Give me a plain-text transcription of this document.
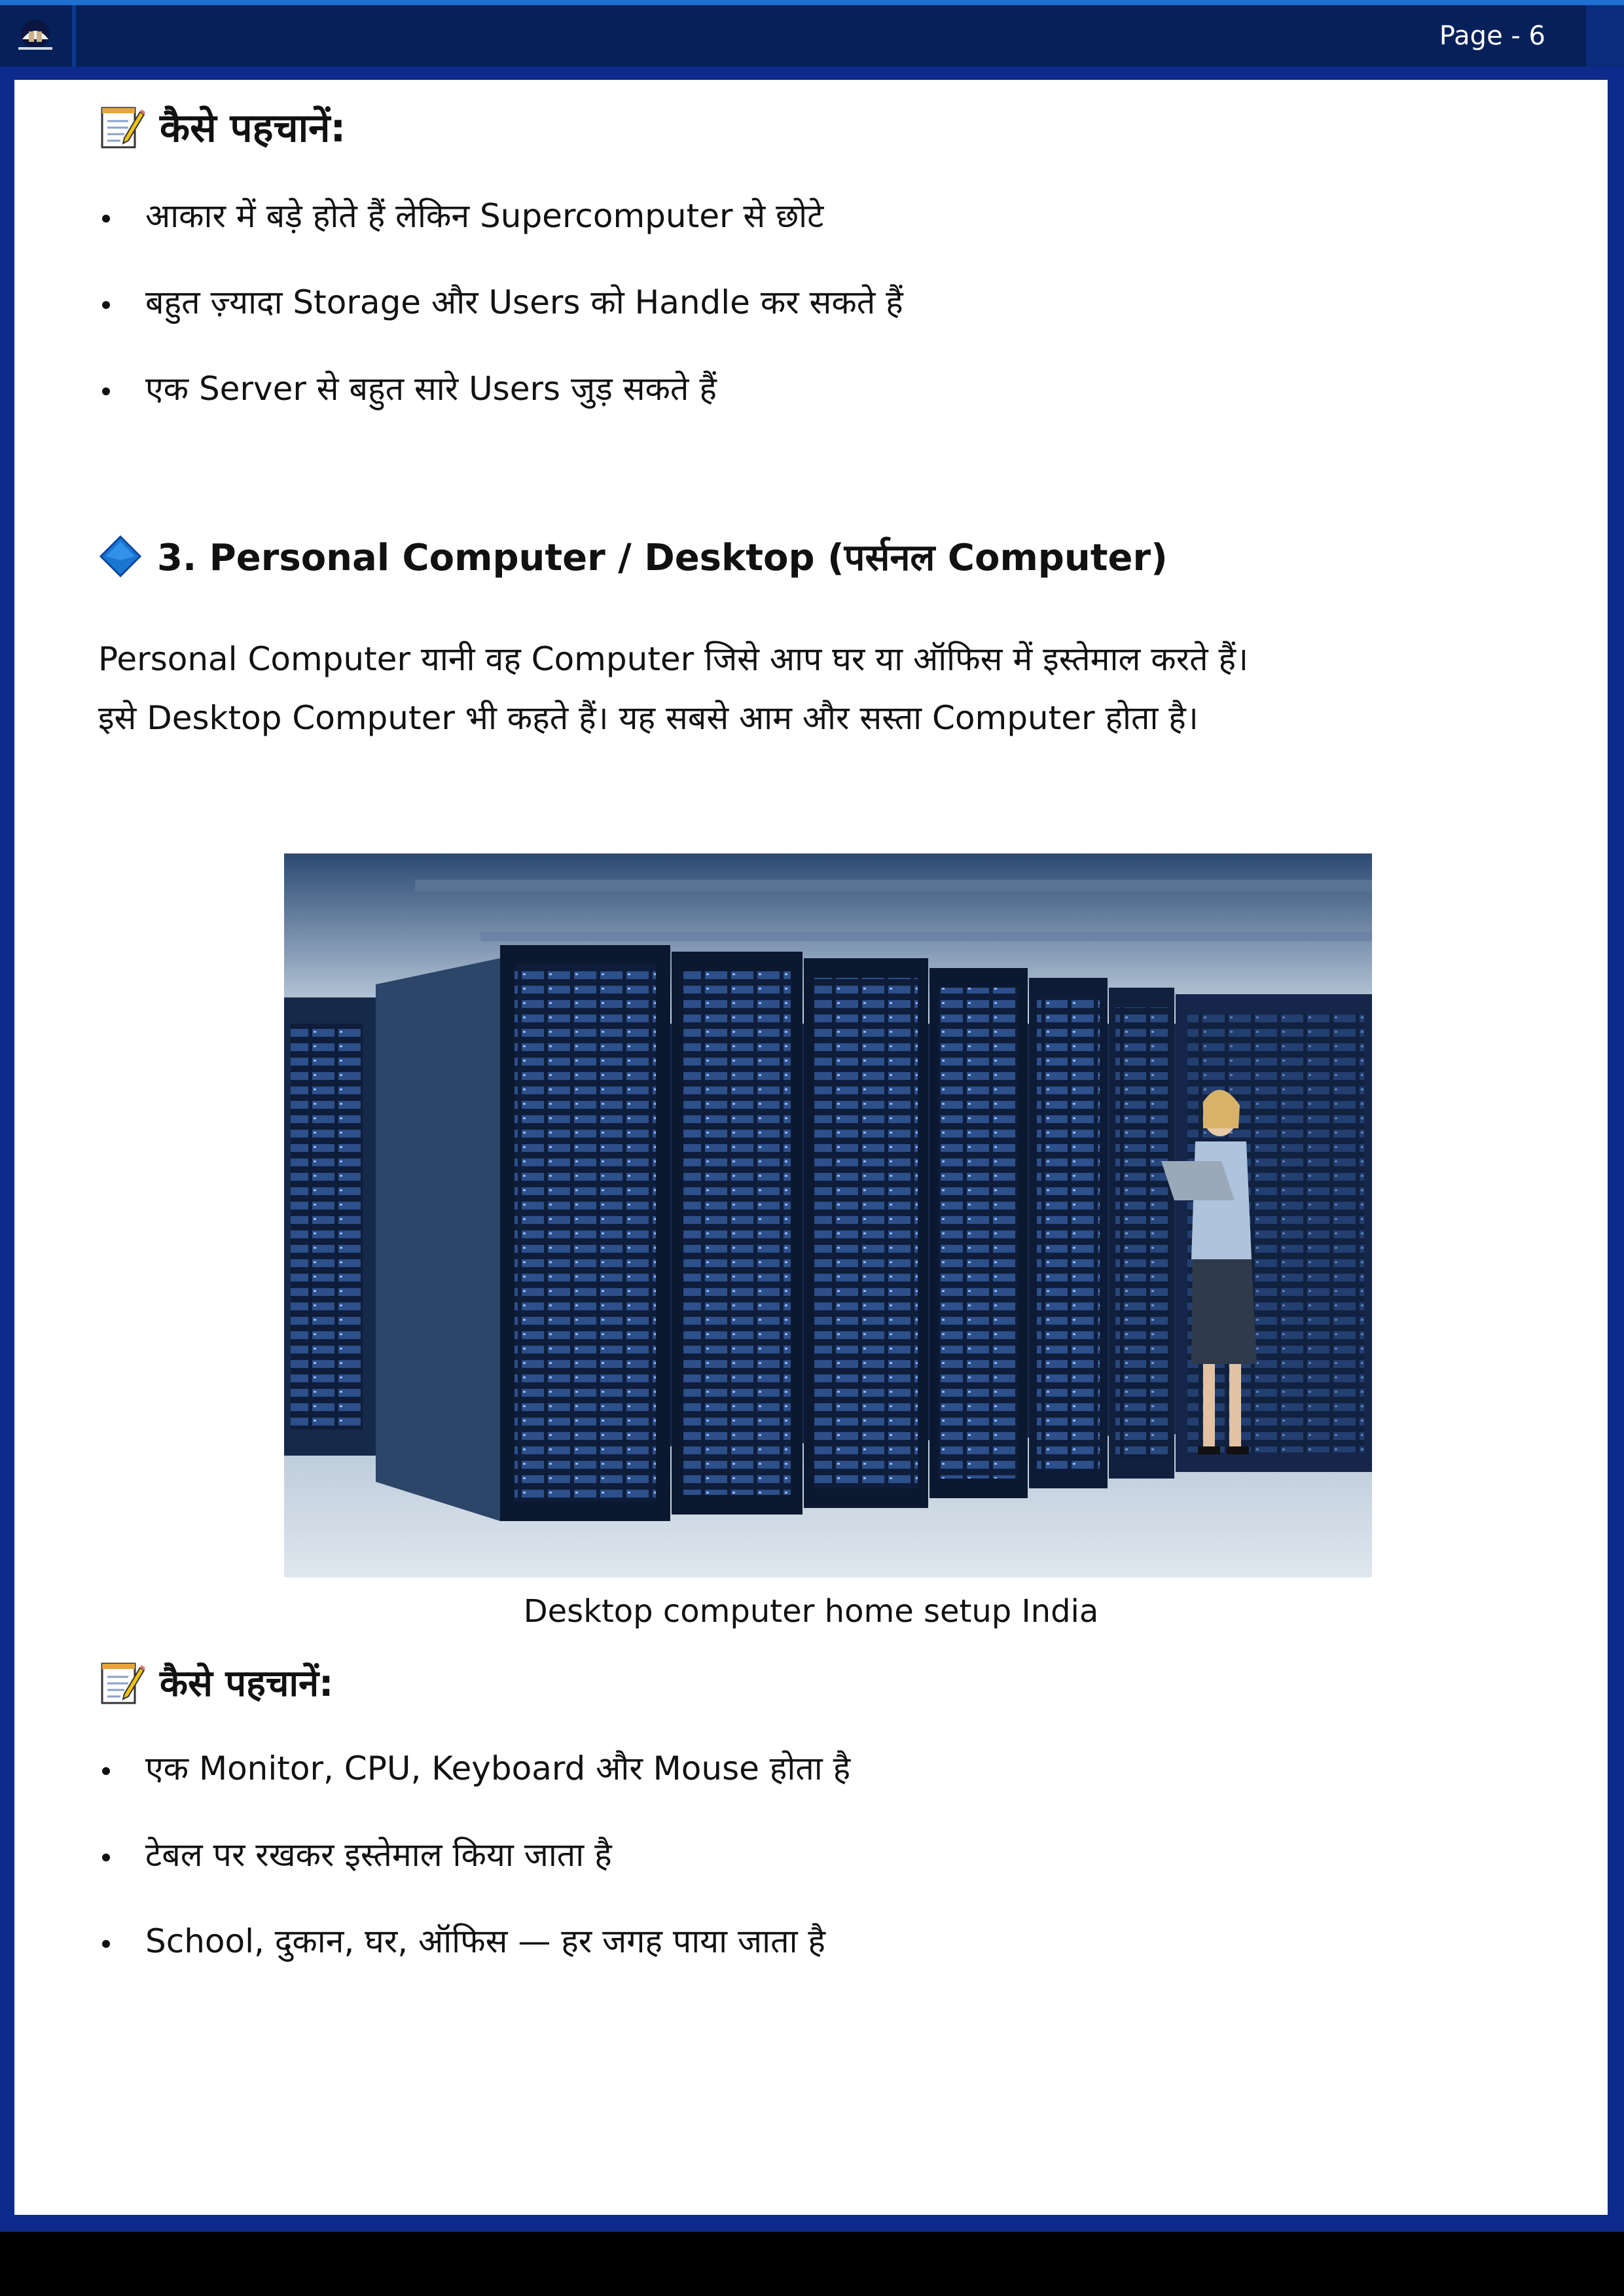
Page - 6
कैसे पहचानें:
आकार में बड़े होते हैं लेकिन Supercomputer से छोटे
बहुत ज़्यादा Storage और Users को Handle कर सकते हैं
एक Server से बहुत सारे Users जुड़ सकते हैं
3. Personal Computer / Desktop (पर्सनल Computer)
Personal Computer यानी वह Computer जिसे आप घर या ऑफिस में इस्तेमाल करते हैं।
इसे Desktop Computer भी कहते हैं। यह सबसे आम और सस्ता Computer होता है।
Desktop computer home setup India
कैसे पहचानें:
एक Monitor, CPU, Keyboard और Mouse होता है
टेबल पर रखकर इस्तेमाल किया जाता है
School, दुकान, घर, ऑफिस — हर जगह पाया जाता है
